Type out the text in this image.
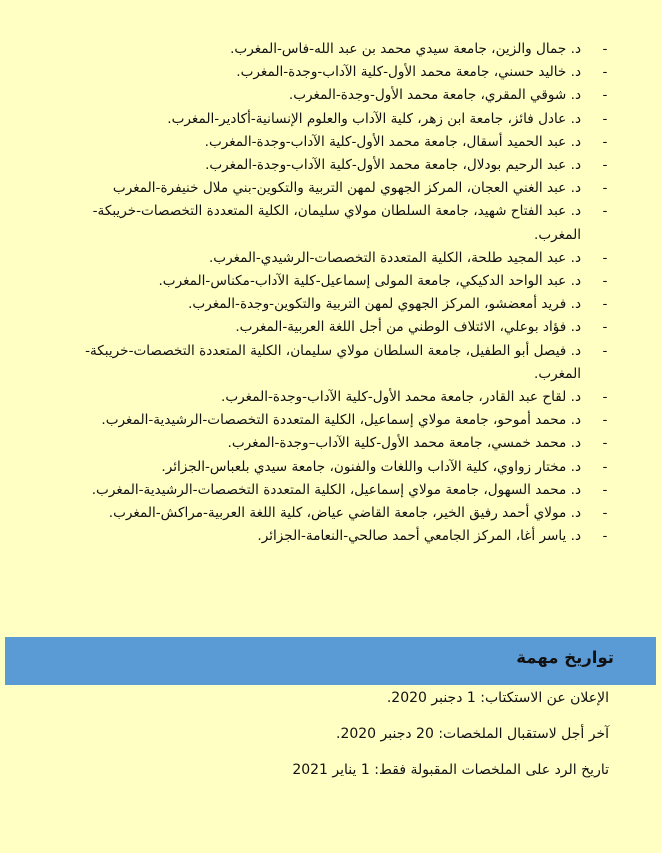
-
د. جمال والزين، جامعة سيدي محمد بن عبد الله-فاس-المغرب.
-
د. خاليد حسني، جامعة محمد الأول-كلية الآداب-وجدة-المغرب.
-
د. شوقي المقري، جامعة محمد الأول-وجدة-المغرب.
-
د. عادل فائز، جامعة ابن زهر، كلية الآداب والعلوم الإنسانية-أكادير-المغرب.
-
د. عبد الحميد أسقال، جامعة محمد الأول-كلية الآداب-وجدة-المغرب.
-
د. عبد الرحيم بودلال، جامعة محمد الأول-كلية الآداب-وجدة-المغرب.
-
د. عبد الغني العجان، المركز الجهوي لمهن التربية والتكوين-بني ملال خنيفرة-المغرب
-
د. عبد الفتاح شهيد، جامعة السلطان مولاي سليمان، الكلية المتعددة التخصصات-خريبكة-المغرب.
-
د. عبد المجيد طلحة، الكلية المتعددة التخصصات-الرشيدي-المغرب.
-
د. عبد الواحد الدكيكي، جامعة المولى إسماعيل-كلية الآداب-مكناس-المغرب.
-
د. فريد أمعضشو، المركز الجهوي لمهن التربية والتكوين-وجدة-المغرب.
-
د. فؤاد بوعلي، الائتلاف الوطني من أجل اللغة العربية-المغرب.
-
د. فيصل أبو الطفيل، جامعة السلطان مولاي سليمان، الكلية المتعددة التخصصات-خريبكة-المغرب.
-
د. لقاح عبد القادر، جامعة محمد الأول-كلية الآداب-وجدة-المغرب.
-
د. محمد أموحو، جامعة مولاي إسماعيل، الكلية المتعددة التخصصات-الرشيدية-المغرب.
-
د. محمد خمسي، جامعة محمد الأول-كلية الآداب–وجدة-المغرب.
-
د. مختار زواوي، كلية الآداب واللغات والفنون، جامعة سيدي بلعباس-الجزائر.
-
د. محمد السهول، جامعة مولاي إسماعيل، الكلية المتعددة التخصصات-الرشيدية-المغرب.
-
د. مولاي أحمد رفيق الخير، جامعة القاضي عياض، كلية اللغة العربية-مراكش-المغرب.
-
د. ياسر أغا، المركز الجامعي أحمد صالحي-النعامة-الجزائر.
تواريخ مهمة
الإعلان عن الاستكتاب: 1 دجنبر 2020.
آخر أجل لاستقبال الملخصات: 20 دجنبر 2020.
تاريخ الرد على الملخصات المقبولة فقط: 1 يناير 2021
